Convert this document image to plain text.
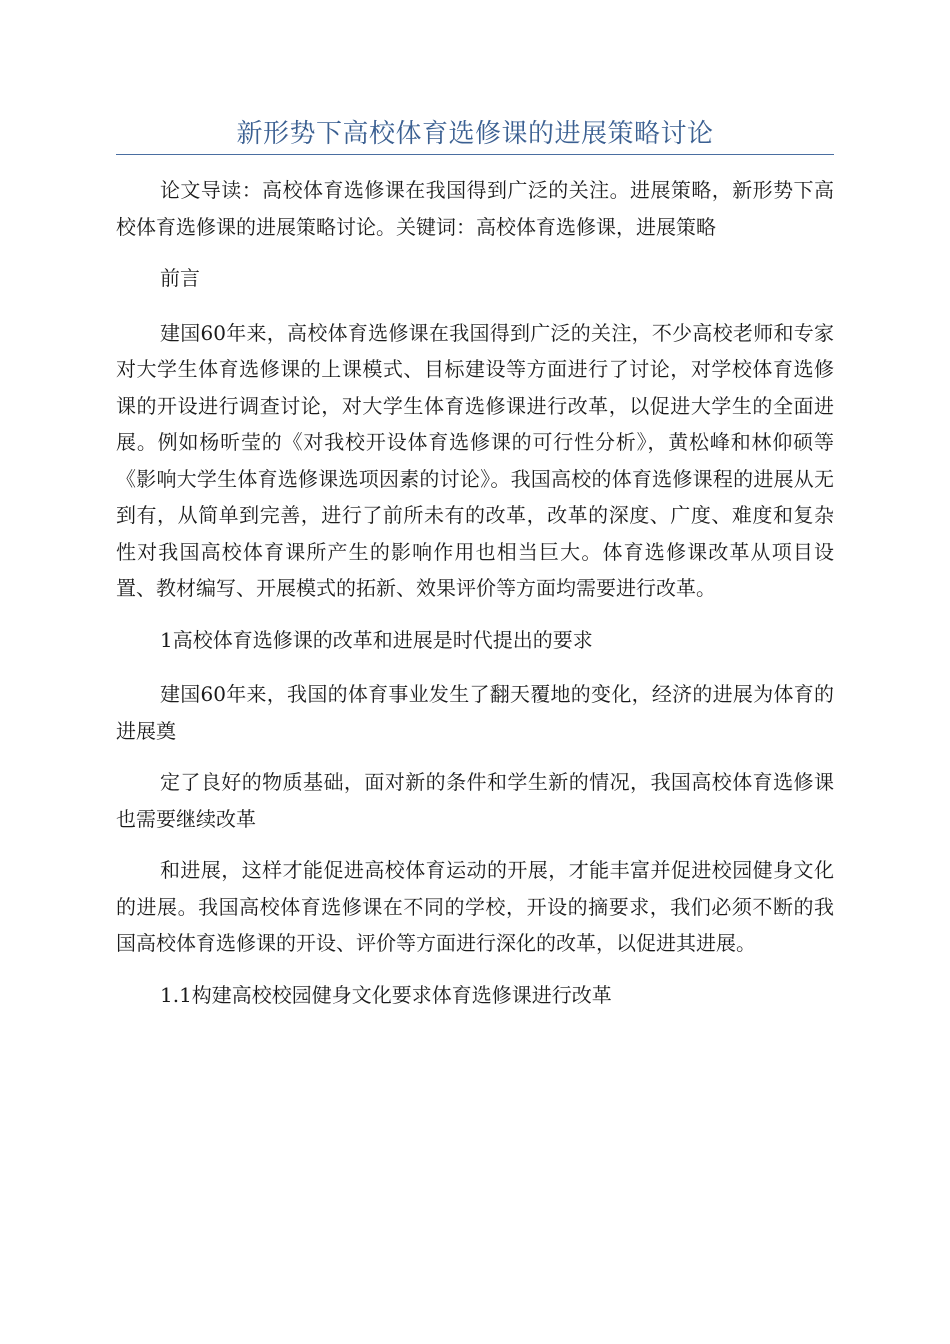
新形势下高校体育选修课的进展策略讨论

论文导读：高校体育选修课在我国得到广泛的关注。进展策略，新形势下高校体育选修课的进展策略讨论。关键词：高校体育选修课，进展策略

前言

建国60年来，高校体育选修课在我国得到广泛的关注，不少高校老师和专家对大学生体育选修课的上课模式、目标建设等方面进行了讨论，对学校体育选修课的开设进行调查讨论，对大学生体育选修课进行改革，以促进大学生的全面进展。例如杨昕莹的《对我校开设体育选修课的可行性分析》，黄松峰和林仰硕等《影响大学生体育选修课选项因素的讨论》。我国高校的体育选修课程的进展从无到有，从简单到完善，进行了前所未有的改革，改革的深度、广度、难度和复杂性对我国高校体育课所产生的影响作用也相当巨大。体育选修课改革从项目设置、教材编写、开展模式的拓新、效果评价等方面均需要进行改革。

1高校体育选修课的改革和进展是时代提出的要求

建国60年来，我国的体育事业发生了翻天覆地的变化，经济的进展为体育的进展奠

定了良好的物质基础，面对新的条件和学生新的情况，我国高校体育选修课也需要继续改革

和进展，这样才能促进高校体育运动的开展，才能丰富并促进校园健身文化的进展。我国高校体育选修课在不同的学校，开设的摘要求，我们必须不断的我国高校体育选修课的开设、评价等方面进行深化的改革，以促进其进展。

1.1构建高校校园健身文化要求体育选修课进行改革
